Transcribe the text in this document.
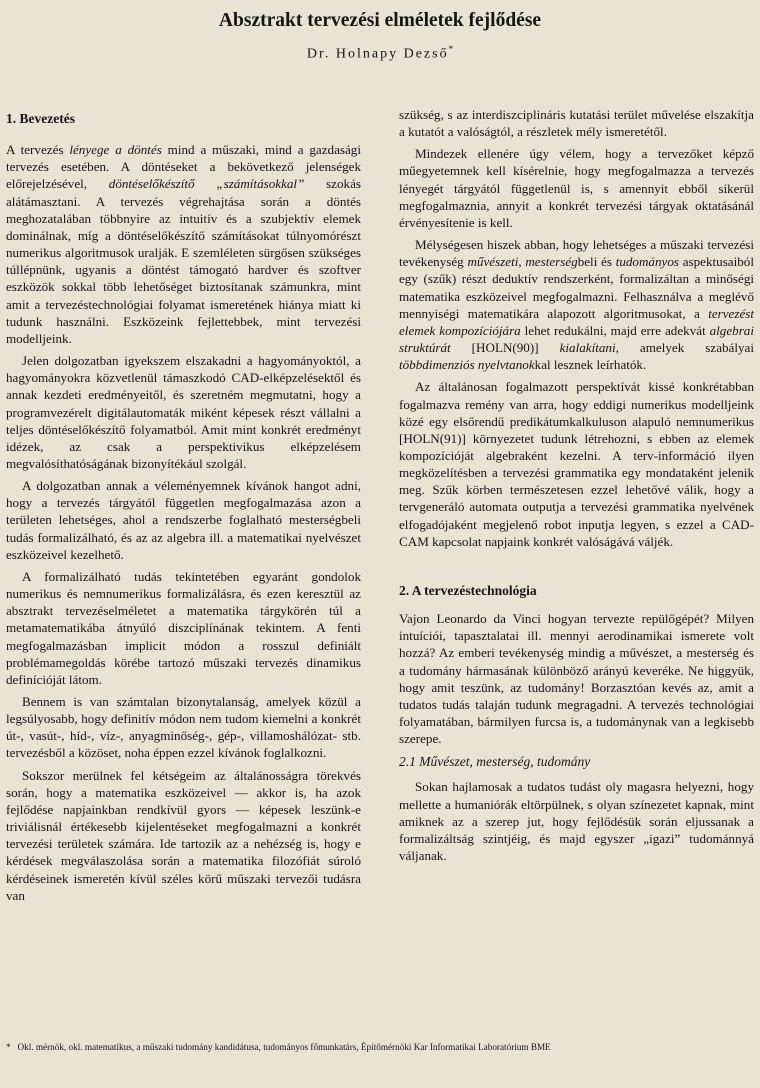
Absztrakt tervezési elméletek fejlődése
Dr. Holnapy Dezső*
1. Bevezetés

A tervezés lényege a döntés mind a műszaki, mind a gazdasági tervezés esetében. A döntéseket a bekövetkező jelenségek előrejelzésével, döntéselőkészítő „számításokkal” szokás alátámasztani. A tervezés végrehajtása során a döntés meghozatalában többnyire az intuitív és a szubjektív elemek dominálnak, míg a döntéselőkészítő számításokat túlnyomórészt numerikus algoritmusok uralják. E szemléleten sürgősen szükséges túllépnünk, ugyanis a döntést támogató hardver és szoftver eszközök sokkal több lehetőséget biztosítanak számunkra, mint amit a tervezéstechnológiai folyamat ismeretének hiánya miatt ki tudunk használni. Eszközeink fejlettebbek, mint tervezési modelljeink.

Jelen dolgozatban igyekszem elszakadni a hagyományoktól, a hagyományokra közvetlenül támaszkodó CAD-elképzelésektől és annak kezdeti eredményeitől, és szeretném megmutatni, hogy a programvezérelt digitálautomaták miként képesek részt vállalni a teljes döntéselőkészítő folyamatból. Amit mint konkrét eredményt idézek, az csak a perspektivikus elképzelésem megvalósíthatóságának bizonyítékául szolgál.

A dolgozatban annak a véleményemnek kívánok hangot adni, hogy a tervezés tárgyától független megfogalmazása azon a területen lehetséges, ahol a rendszerbe foglalható mesterségbeli tudás formalizálható, és az az algebra ill. a matematikai nyelvészet eszközeivel kezelhető.

A formalizálható tudás tekintetében egyaránt gondolok numerikus és nemnumerikus formalizálásra, és ezen keresztül az absztrakt tervezéselméletet a matematika tárgykörén túl a metamatematikába átnyúló diszciplínának tekintem. A fenti megfogalmazásban implicit módon a rosszul definiált problémamegoldás körébe tartozó műszaki tervezés dinamikus definícióját látom.

Bennem is van számtalan bizonytalanság, amelyek közül a legsúlyosabb, hogy definitív módon nem tudom kiemelni a konkrét út-, vasút-, híd-, víz-, anyagminőség-, gép-, villamoshálózat- stb. tervezésből a közöset, noha éppen ezzel kívánok foglalkozni.

Sokszor merülnek fel kétségeim az általánosságra törekvés során, hogy a matematika eszközeivel — akkor is, ha azok fejlődése napjainkban rendkívül gyors — képesek leszünk-e triviálisnál értékesebb kijelentéseket megfogalmazni a konkrét tervezési területek számára. Ide tartozik az a nehézség is, hogy e kérdések megválaszolása során a matematika filozófiát súroló kérdéseinek ismeretén kívül széles körű műszaki tervezői tudásra van

szükség, s az interdiszciplináris kutatási terület művelése elszakítja a kutatót a valóságtól, a részletek mély ismeretétől.

Mindezek ellenére úgy vélem, hogy a tervezőket képző műegyetemnek kell kísérelnie, hogy megfogalmazza a tervezés lényegét tárgyától függetlenül is, s amennyit ebből sikerül megfogalmaznia, annyit a konkrét tervezési tárgyak oktatásánál érvényesítenie is kell.

Mélységesen hiszek abban, hogy lehetséges a műszaki tervezési tevékenység művészeti, mesterségbeli és tudományos aspektusaiból egy (szűk) részt deduktív rendszerként, formalizáltan a minőségi matematika eszközeivel megfogalmazni. Felhasználva a meglévő mennyiségi matematikára alapozott algoritmusokat, a tervezést elemek kompozíciójára lehet redukálni, majd erre adekvát algebrai struktúrát [HOLN(90)] kialakítani, amelyek szabályai többdimenziós nyelvtanokkal lesznek leírhatók.

Az általánosan fogalmazott perspektívát kissé konkrétabban fogalmazva remény van arra, hogy eddigi numerikus modelljeink közé egy elsőrendű predikátumkalkuluson alapuló nemnumerikus [HOLN(91)] környezetet tudunk létrehozni, s ebben az elemek kompozícióját algebraként kezelni. A terv-információ ilyen megközelítésben a tervezési grammatika egy mondataként jelenik meg. Szűk körben természetesen ezzel lehetővé válik, hogy a tervgeneráló automata outputja a tervezési grammatika nyelvének elfogadójaként megjelenő robot inputja legyen, s ezzel a CAD-CAM kapcsolat napjaink konkrét valóságává váljék.

2. A tervezéstechnológia

Vajon Leonardo da Vinci hogyan tervezte repülőgépét? Milyen intuíciói, tapasztalatai ill. mennyi aerodinamikai ismerete volt hozzá? Az emberi tevékenység mindig a művészet, a mesterség és a tudomány hármasának különböző arányú keveréke. Ne higgyük, hogy amit teszünk, az tudomány! Borzasztóan kevés az, amit a tudatos tudás talaján tudunk megragadni. A tervezés technológiai folyamatában, bármilyen furcsa is, a tudománynak van a legkisebb szerepe.

2.1 Művészet, mesterség, tudomány

Sokan hajlamosak a tudatos tudást oly magasra helyezni, hogy mellette a humaniórák eltörpülnek, s olyan színezetet kapnak, mint amiknek az a szerep jut, hogy fejlődésük során eljussanak a formalizáltság szintjéig, és majd egyszer „igazi” tudománnyá váljanak.

* Okl. mérnök, okl. matematikus, a műszaki tudomány kandidátusa, tudományos főmunkatárs, Építőmérnöki Kar Informatikai Laboratórium BME
